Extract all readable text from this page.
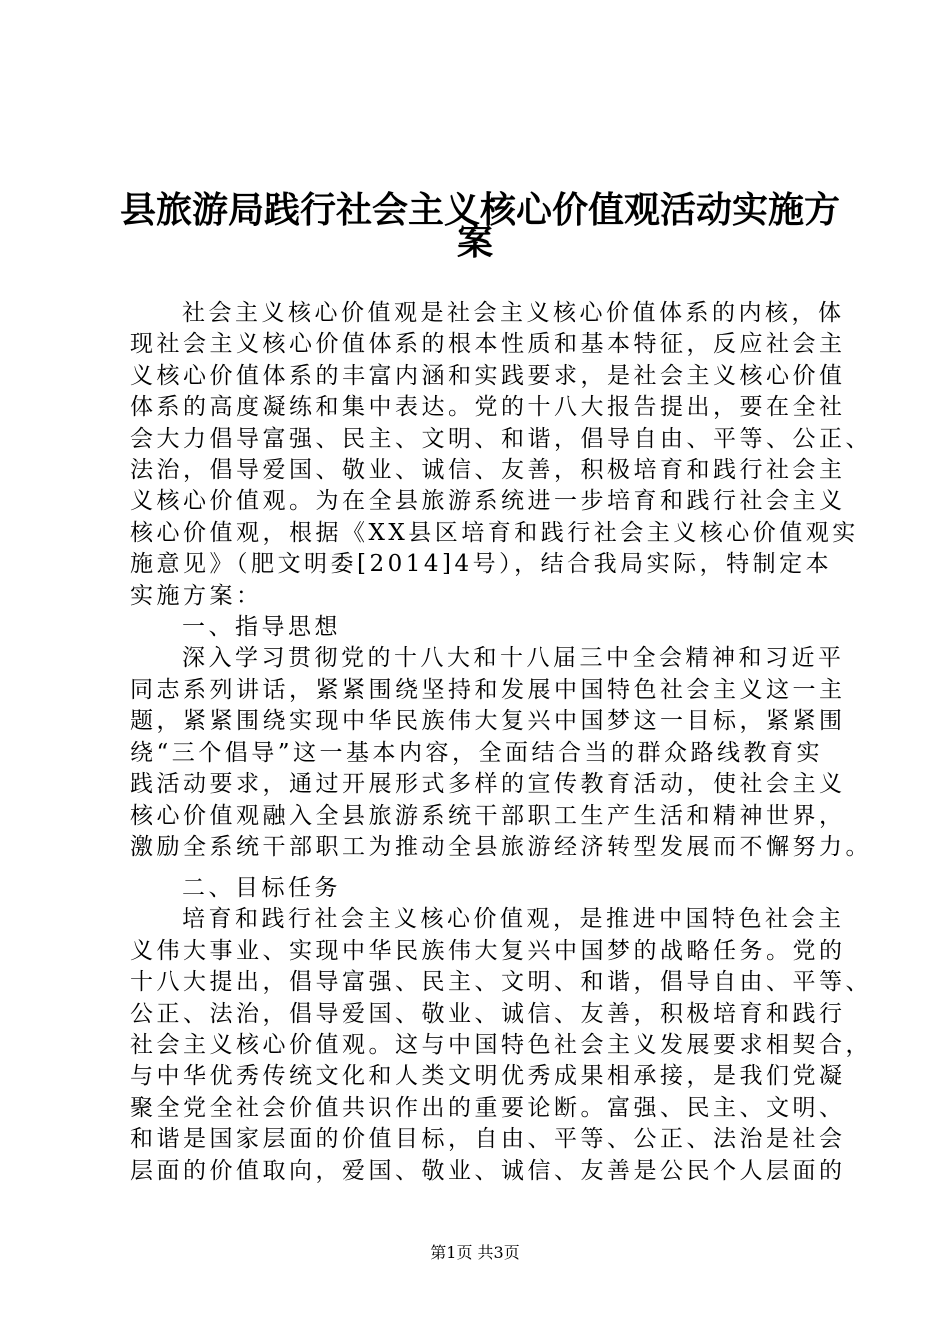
县旅游局践行社会主义核心价值观活动实施方
案
社会主义核心价值观是社会主义核心价值体系的内核，体
现社会主义核心价值体系的根本性质和基本特征，反应社会主
义核心价值体系的丰富内涵和实践要求，是社会主义核心价值
体系的高度凝练和集中表达。党的十八大报告提出，要在全社
会大力倡导富强、民主、文明、和谐，倡导自由、平等、公正、
法治，倡导爱国、敬业、诚信、友善，积极培育和践行社会主
义核心价值观。为在全县旅游系统进一步培育和践行社会主义
核心价值观，根据《XX县区培育和践行社会主义核心价值观实
施意见》（肥文明委[2014]4号），结合我局实际，特制定本
实施方案：
一、指导思想
深入学习贯彻党的十八大和十八届三中全会精神和习近平
同志系列讲话，紧紧围绕坚持和发展中国特色社会主义这一主
题，紧紧围绕实现中华民族伟大复兴中国梦这一目标，紧紧围
绕“三个倡导”这一基本内容，全面结合当的群众路线教育实
践活动要求，通过开展形式多样的宣传教育活动，使社会主义
核心价值观融入全县旅游系统干部职工生产生活和精神世界，
激励全系统干部职工为推动全县旅游经济转型发展而不懈努力。
二、目标任务
培育和践行社会主义核心价值观，是推进中国特色社会主
义伟大事业、实现中华民族伟大复兴中国梦的战略任务。党的
十八大提出，倡导富强、民主、文明、和谐，倡导自由、平等、
公正、法治，倡导爱国、敬业、诚信、友善，积极培育和践行
社会主义核心价值观。这与中国特色社会主义发展要求相契合，
与中华优秀传统文化和人类文明优秀成果相承接，是我们党凝
聚全党全社会价值共识作出的重要论断。富强、民主、文明、
和谐是国家层面的价值目标，自由、平等、公正、法治是社会
层面的价值取向，爱国、敬业、诚信、友善是公民个人层面的
第1页 共3页
